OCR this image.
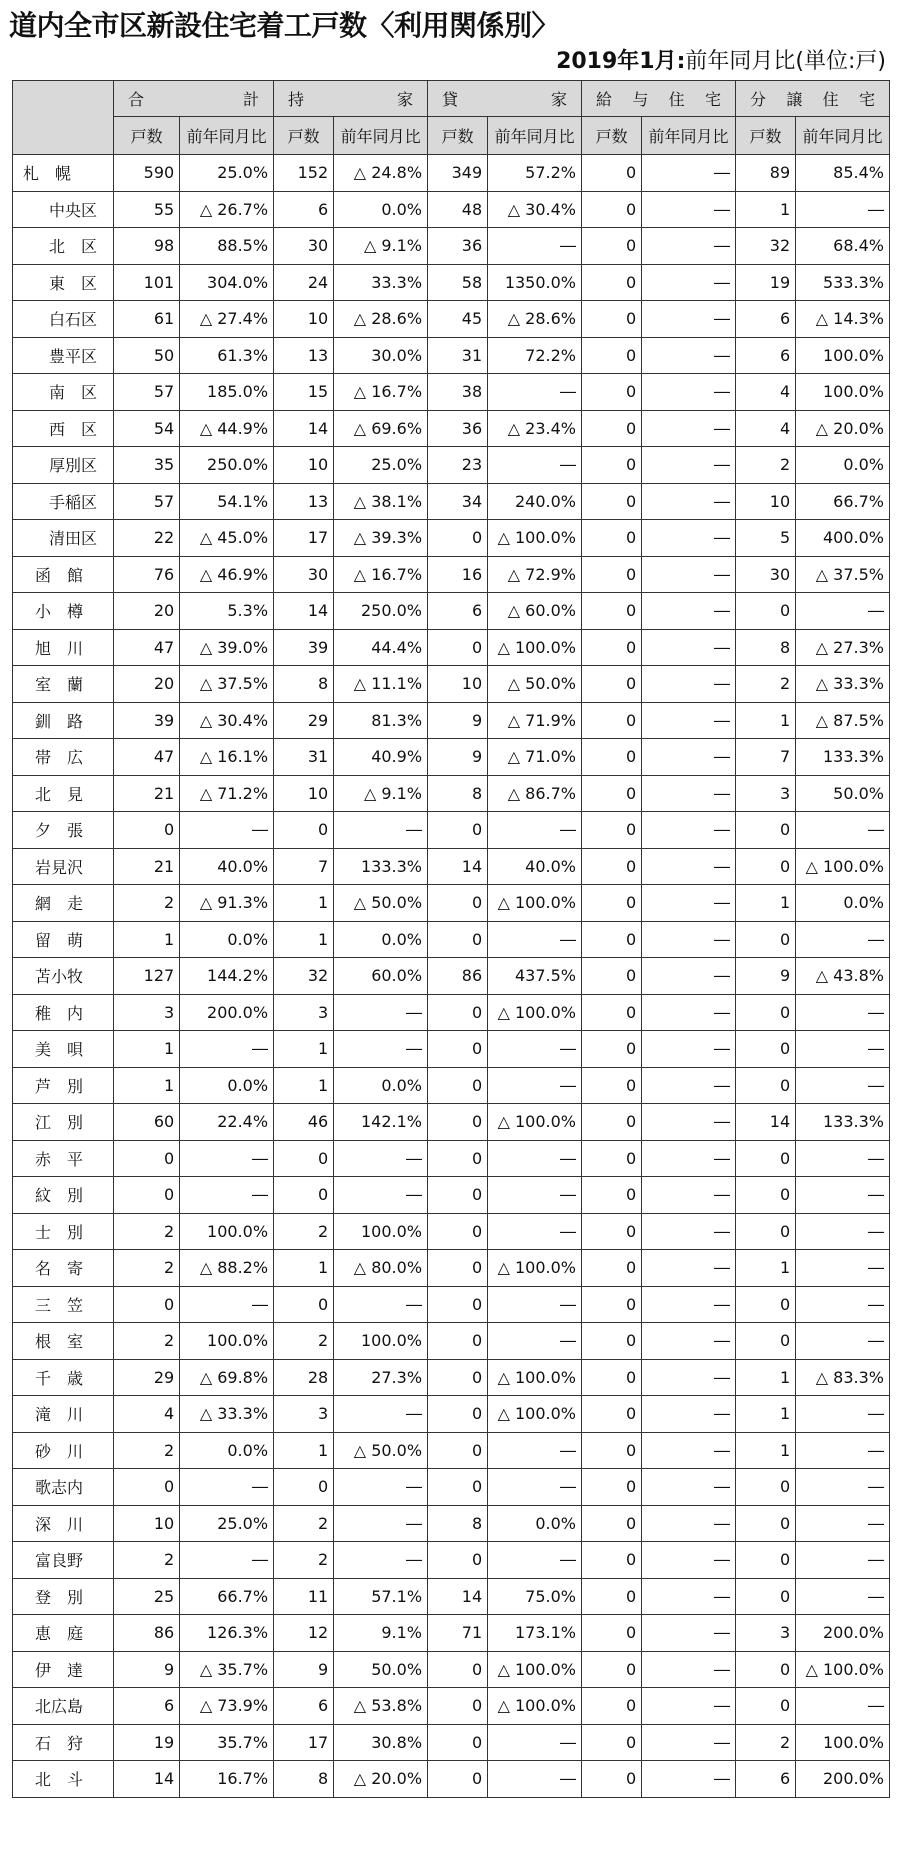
道内全市区新設住宅着工戸数〈利用関係別〉
2019年1月:前年同月比(単位:戸)
	合　計		持　家		貸　家		給与住宅		分譲住宅	
	戸数	前年同月比	戸数	前年同月比	戸数	前年同月比	戸数	前年同月比	戸数	前年同月比
札　幌	590	25.0%	152	△ 24.8%	349	57.2%	0	―	89	85.4%
中央区	55	△ 26.7%	6	0.0%	48	△ 30.4%	0	―	1	―
北　区	98	88.5%	30	△ 9.1%	36	―	0	―	32	68.4%
東　区	101	304.0%	24	33.3%	58	1350.0%	0	―	19	533.3%
白石区	61	△ 27.4%	10	△ 28.6%	45	△ 28.6%	0	―	6	△ 14.3%
豊平区	50	61.3%	13	30.0%	31	72.2%	0	―	6	100.0%
南　区	57	185.0%	15	△ 16.7%	38	―	0	―	4	100.0%
西　区	54	△ 44.9%	14	△ 69.6%	36	△ 23.4%	0	―	4	△ 20.0%
厚別区	35	250.0%	10	25.0%	23	―	0	―	2	0.0%
手稲区	57	54.1%	13	△ 38.1%	34	240.0%	0	―	10	66.7%
清田区	22	△ 45.0%	17	△ 39.3%	0	△ 100.0%	0	―	5	400.0%
函　館	76	△ 46.9%	30	△ 16.7%	16	△ 72.9%	0	―	30	△ 37.5%
小　樽	20	5.3%	14	250.0%	6	△ 60.0%	0	―	0	―
旭　川	47	△ 39.0%	39	44.4%	0	△ 100.0%	0	―	8	△ 27.3%
室　蘭	20	△ 37.5%	8	△ 11.1%	10	△ 50.0%	0	―	2	△ 33.3%
釧　路	39	△ 30.4%	29	81.3%	9	△ 71.9%	0	―	1	△ 87.5%
帯　広	47	△ 16.1%	31	40.9%	9	△ 71.0%	0	―	7	133.3%
北　見	21	△ 71.2%	10	△ 9.1%	8	△ 86.7%	0	―	3	50.0%
夕　張	0	―	0	―	0	―	0	―	0	―
岩見沢	21	40.0%	7	133.3%	14	40.0%	0	―	0	△ 100.0%
網　走	2	△ 91.3%	1	△ 50.0%	0	△ 100.0%	0	―	1	0.0%
留　萌	1	0.0%	1	0.0%	0	―	0	―	0	―
苫小牧	127	144.2%	32	60.0%	86	437.5%	0	―	9	△ 43.8%
稚　内	3	200.0%	3	―	0	△ 100.0%	0	―	0	―
美　唄	1	―	1	―	0	―	0	―	0	―
芦　別	1	0.0%	1	0.0%	0	―	0	―	0	―
江　別	60	22.4%	46	142.1%	0	△ 100.0%	0	―	14	133.3%
赤　平	0	―	0	―	0	―	0	―	0	―
紋　別	0	―	0	―	0	―	0	―	0	―
士　別	2	100.0%	2	100.0%	0	―	0	―	0	―
名　寄	2	△ 88.2%	1	△ 80.0%	0	△ 100.0%	0	―	1	―
三　笠	0	―	0	―	0	―	0	―	0	―
根　室	2	100.0%	2	100.0%	0	―	0	―	0	―
千　歳	29	△ 69.8%	28	27.3%	0	△ 100.0%	0	―	1	△ 83.3%
滝　川	4	△ 33.3%	3	―	0	△ 100.0%	0	―	1	―
砂　川	2	0.0%	1	△ 50.0%	0	―	0	―	1	―
歌志内	0	―	0	―	0	―	0	―	0	―
深　川	10	25.0%	2	―	8	0.0%	0	―	0	―
富良野	2	―	2	―	0	―	0	―	0	―
登　別	25	66.7%	11	57.1%	14	75.0%	0	―	0	―
恵　庭	86	126.3%	12	9.1%	71	173.1%	0	―	3	200.0%
伊　達	9	△ 35.7%	9	50.0%	0	△ 100.0%	0	―	0	△ 100.0%
北広島	6	△ 73.9%	6	△ 53.8%	0	△ 100.0%	0	―	0	―
石　狩	19	35.7%	17	30.8%	0	―	0	―	2	100.0%
北　斗	14	16.7%	8	△ 20.0%	0	―	0	―	6	200.0%
